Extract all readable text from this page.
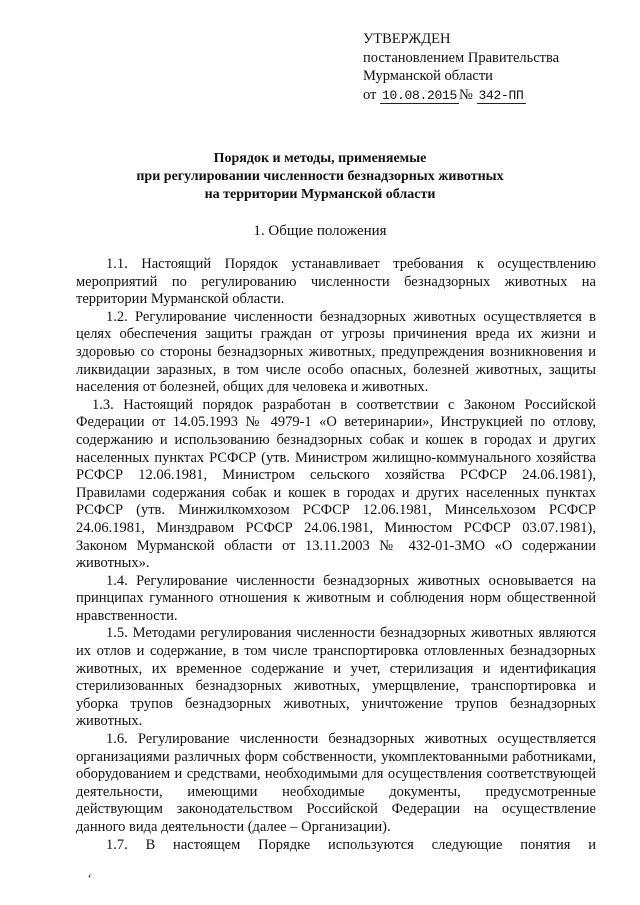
УТВЕРЖДЕН
постановлением Правительства
Мурманской области
от 10.08.2015 № 342-ПП
Порядок и методы, применяемые
при регулировании численности безнадзорных животных
на территории Мурманской области
1. Общие положения

1.1. Настоящий Порядок устанавливает требования к осуществлению мероприятий по регулированию численности безнадзорных животных на территории Мурманской области.

1.2. Регулирование численности безнадзорных животных осуществляется в целях обеспечения защиты граждан от угрозы причинения вреда их жизни и здоровью со стороны безнадзорных животных, предупреждения возникновения и ликвидации заразных, в том числе особо опасных, болезней животных, защиты населения от болезней, общих для человека и животных.

1.3. Настоящий порядок разработан в соответствии с Законом Российской Федерации от 14.05.1993 № 4979-1 «О ветеринарии», Инструкцией по отлову, содержанию и использованию безнадзорных собак и кошек в городах и других населенных пунктах РСФСР (утв. Министром жилищно-коммунального хозяйства РСФСР 12.06.1981, Министром сельского хозяйства РСФСР 24.06.1981), Правилами содержания собак и кошек в городах и других населенных пунктах РСФСР (утв. Минжилкомхозом РСФСР 12.06.1981, Минсельхозом РСФСР 24.06.1981, Минздравом РСФСР 24.06.1981, Минюстом РСФСР 03.07.1981), Законом Мурманской области от 13.11.2003 № 432-01-ЗМО «О содержании животных».

1.4. Регулирование численности безнадзорных животных основывается на принципах гуманного отношения к животным и соблюдения норм общественной нравственности.

1.5. Методами регулирования численности безнадзорных животных являются их отлов и содержание, в том числе транспортировка отловленных безнадзорных животных, их временное содержание и учет, стерилизация и идентификация стерилизованных безнадзорных животных, умерщвление, транспортировка и уборка трупов безнадзорных животных, уничтожение трупов безнадзорных животных.

1.6. Регулирование численности безнадзорных животных осуществляется организациями различных форм собственности, укомплектованными работниками, оборудованием и средствами, необходимыми для осуществления соответствующей деятельности, имеющими необходимые документы, предусмотренные действующим законодательством Российской Федерации на осуществление данного вида деятельности (далее – Организации).

1.7. В настоящем Порядке используются следующие понятия и

ʻ
